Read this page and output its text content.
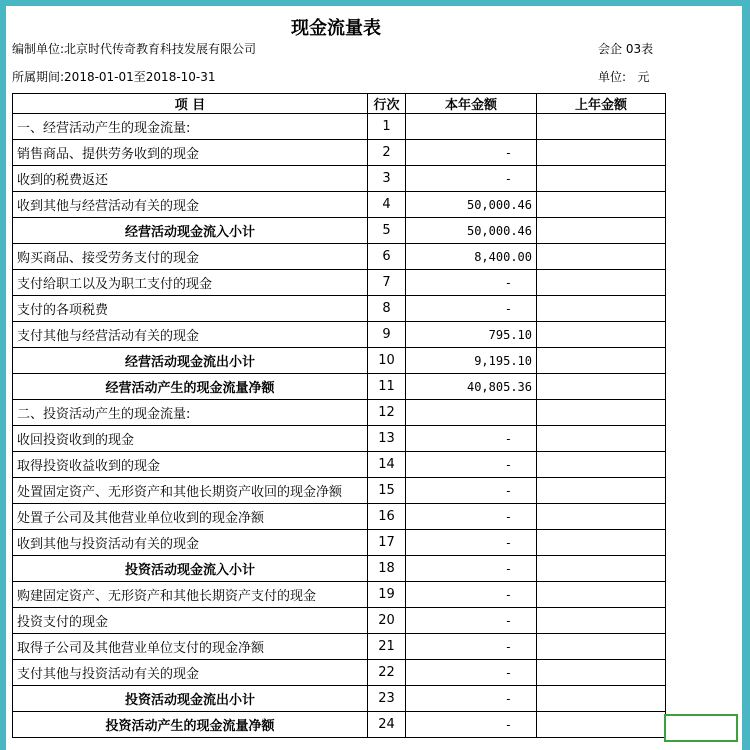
现金流量表
编制单位:北京时代传奇教育科技发展有限公司	会企 03表
所属期间:2018-01-01至2018-10-31	单位: 元
项 目	行次	本年金额	上年金额
一、经营活动产生的现金流量:	1		
销售商品、提供劳务收到的现金	2	-	
收到的税费返还	3	-	
收到其他与经营活动有关的现金	4	50,000.46	
经营活动现金流入小计	5	50,000.46	
购买商品、接受劳务支付的现金	6	8,400.00	
支付给职工以及为职工支付的现金	7	-	
支付的各项税费	8	-	
支付其他与经营活动有关的现金	9	795.10	
经营活动现金流出小计	10	9,195.10	
经营活动产生的现金流量净额	11	40,805.36	
二、投资活动产生的现金流量:	12		
收回投资收到的现金	13	-	
取得投资收益收到的现金	14	-	
处置固定资产、无形资产和其他长期资产收回的现金净额	15	-	
处置子公司及其他营业单位收到的现金净额	16	-	
收到其他与投资活动有关的现金	17	-	
投资活动现金流入小计	18	-	
购建固定资产、无形资产和其他长期资产支付的现金	19	-	
投资支付的现金	20	-	
取得子公司及其他营业单位支付的现金净额	21	-	
支付其他与投资活动有关的现金	22	-	
投资活动现金流出小计	23	-	
投资活动产生的现金流量净额	24	-	
